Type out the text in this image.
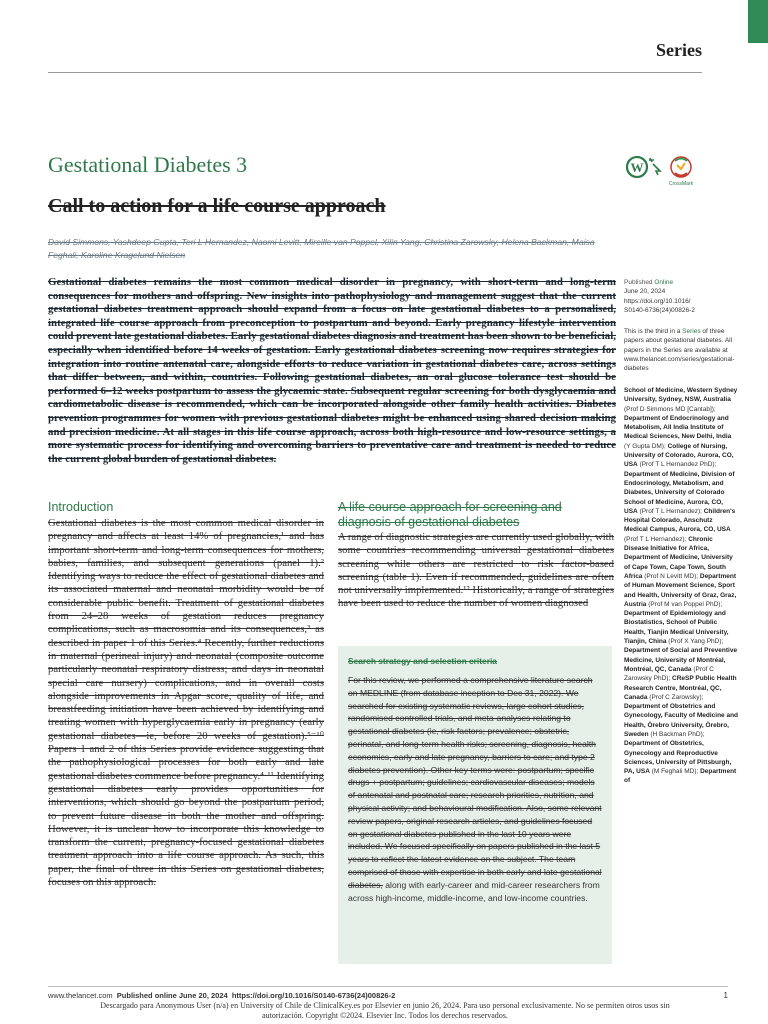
Series
Gestational Diabetes 3	W
CrossMark
Call to action for a life course approach
David Simmons, Yashdeep Gupta, Teri L Hernandez, Naomi Levitt, Mireille van Poppel, Xilin Yang, Christina Zarowsky, Helena Backman, Maisa Feghali, Karoline Kragelund Nielsen

Gestational diabetes remains the most common medical disorder in pregnancy, with short-term and long-term consequences for mothers and offspring. New insights into pathophysiology and management suggest that the current gestational diabetes treatment approach should expand from a focus on late gestational diabetes to a personalised, integrated life course approach from preconception to postpartum and beyond. Early pregnancy lifestyle intervention could prevent late gestational diabetes. Early gestational diabetes diagnosis and treatment has been shown to be beneficial, especially when identified before 14 weeks of gestation. Early gestational diabetes screening now requires strategies for integration into routine antenatal care, alongside efforts to reduce variation in gestational diabetes care, across settings that differ between, and within, countries. Following gestational diabetes, an oral glucose tolerance test should be performed 6–12 weeks postpartum to assess the glycaemic state. Subsequent regular screening for both dysglycaemia and cardiometabolic disease is recommended, which can be incorporated alongside other family health activities. Diabetes prevention programmes for women with previous gestational diabetes might be enhanced using shared decision making and precision medicine. At all stages in this life course approach, across both high-resource and low-resource settings, a more systematic process for identifying and overcoming barriers to preventative care and treatment is needed to reduce the current global burden of gestational diabetes.

Introduction

Gestational diabetes is the most common medical disorder in pregnancy and affects at least 14% of pregnancies,¹ and has important short-term and long-term consequences for mothers, babies, families, and subsequent generations (panel 1).² Identifying ways to reduce the effect of gestational diabetes and its associated maternal and neonatal morbidity would be of considerable public benefit. Treatment of gestational diabetes from 24–28 weeks of gestation reduces pregnancy complications, such as macrosomia and its consequences,³ as described in paper 1 of this Series.⁴ Recently, further reductions in maternal (perineal injury) and neonatal (composite outcome particularly neonatal respiratory distress; and days in neonatal special care nursery) complications, and in overall costs alongside improvements in Apgar score, quality of life, and breastfeeding initiation have been achieved by identifying and treating women with hyperglycaemia early in pregnancy (early gestational diabetes—ie, before 20 weeks of gestation).⁵⁻¹⁰ Papers 1 and 2 of this Series provide evidence suggesting that the pathophysiological processes for both early and late gestational diabetes commence before pregnancy.⁴·¹¹ Identifying gestational diabetes early provides opportunities for interventions, which should go beyond the postpartum period, to prevent future disease in both the mother and offspring. However, it is unclear how to incorporate this knowledge to transform the current, pregnancy-focused gestational diabetes treatment approach into a life course approach. As such, this paper, the final of three in this Series on gestational diabetes, focuses on this approach.

A life course approach for screening and diagnosis of gestational diabetes

A range of diagnostic strategies are currently used globally, with some countries recommending universal gestational diabetes screening while others are restricted to risk factor-based screening (table 1). Even if recommended, guidelines are often not universally implemented.¹² Historically, a range of strategies have been used to reduce the number of women diagnosed

Search strategy and selection criteria

For this review, we performed a comprehensive literature search on MEDLINE (from database inception to Dec 31, 2022). We searched for existing systematic reviews, large cohort studies, randomised controlled trials, and meta-analyses relating to gestational diabetes (ie, risk factors; prevalence; obstetric, perinatal, and long-term health risks; screening, diagnosis, health economics, early and late pregnancy, barriers to care; and type 2 diabetes prevention). Other key terms were: postpartum; specific drugs + postpartum; guidelines; cardiovascular diseases; models of antenatal and postnatal care; research priorities, nutrition, and physical activity; and behavioural modification. Also, some relevant review papers, original research articles, and guidelines focused on gestational diabetes published in the last 10 years were included. We focused specifically on papers published in the last 5 years to reflect the latest evidence on the subject. The team comprised of those with expertise in both early and late gestational diabetes, along with early-career and mid-career researchers from across high-income, middle-income, and low-income countries.

Published Online
June 20, 2024
https://doi.org/10.1016/
S0140-6736(24)00826-2
This is the third in a Series of three papers about gestational diabetes. All papers in the Series are available at www.thelancet.com/series/gestational-diabetes
School of Medicine, Western Sydney University, Sydney, NSW, Australia (Prof D Simmons MD [Cantab]); Department of Endocrinology and Metabolism, All India Institute of Medical Sciences, New Delhi, India (Y Gupta DM); College of Nursing, University of Colorado, Aurora, CO, USA (Prof T L Hernandez PhD); Department of Medicine, Division of Endocrinology, Metabolism, and Diabetes, University of Colorado School of Medicine, Aurora, CO, USA (Prof T L Hernandez); Children's Hospital Colorado, Anschutz Medical Campus, Aurora, CO, USA (Prof T L Hernandez); Chronic Disease Initiative for Africa, Department of Medicine, University of Cape Town, Cape Town, South Africa (Prof N Levitt MD); Department of Human Movement Science, Sport and Health, University of Graz, Graz, Austria (Prof M van Poppel PhD); Department of Epidemiology and Biostatistics, School of Public Health, Tianjin Medical University, Tianjin, China (Prof X Yang PhD); Department of Social and Preventive Medicine, University of Montréal, Montréal, QC, Canada (Prof C Zarowsky PhD); CReSP Public Health Research Centre, Montréal, QC, Canada (Prof C Zarowsky); Department of Obstetrics and Gynecology, Faculty of Medicine and Health, Örebro University, Örebro, Sweden (H Backman PhD); Department of Obstetrics, Gynecology and Reproductive Sciences, University of Pittsburgh, PA, USA (M Feghali MD); Department of
www.thelancet.com Published online June 20, 2024 https://doi.org/10.1016/S0140-6736(24)00826-2	1
Descargado para Anonymous User (n/a) en University of Chile de ClinicalKey.es por Elsevier en junio 26, 2024. Para uso personal exclusivamente. No se permiten otros usos sin autorización. Copyright ©2024. Elsevier Inc. Todos los derechos reservados.
